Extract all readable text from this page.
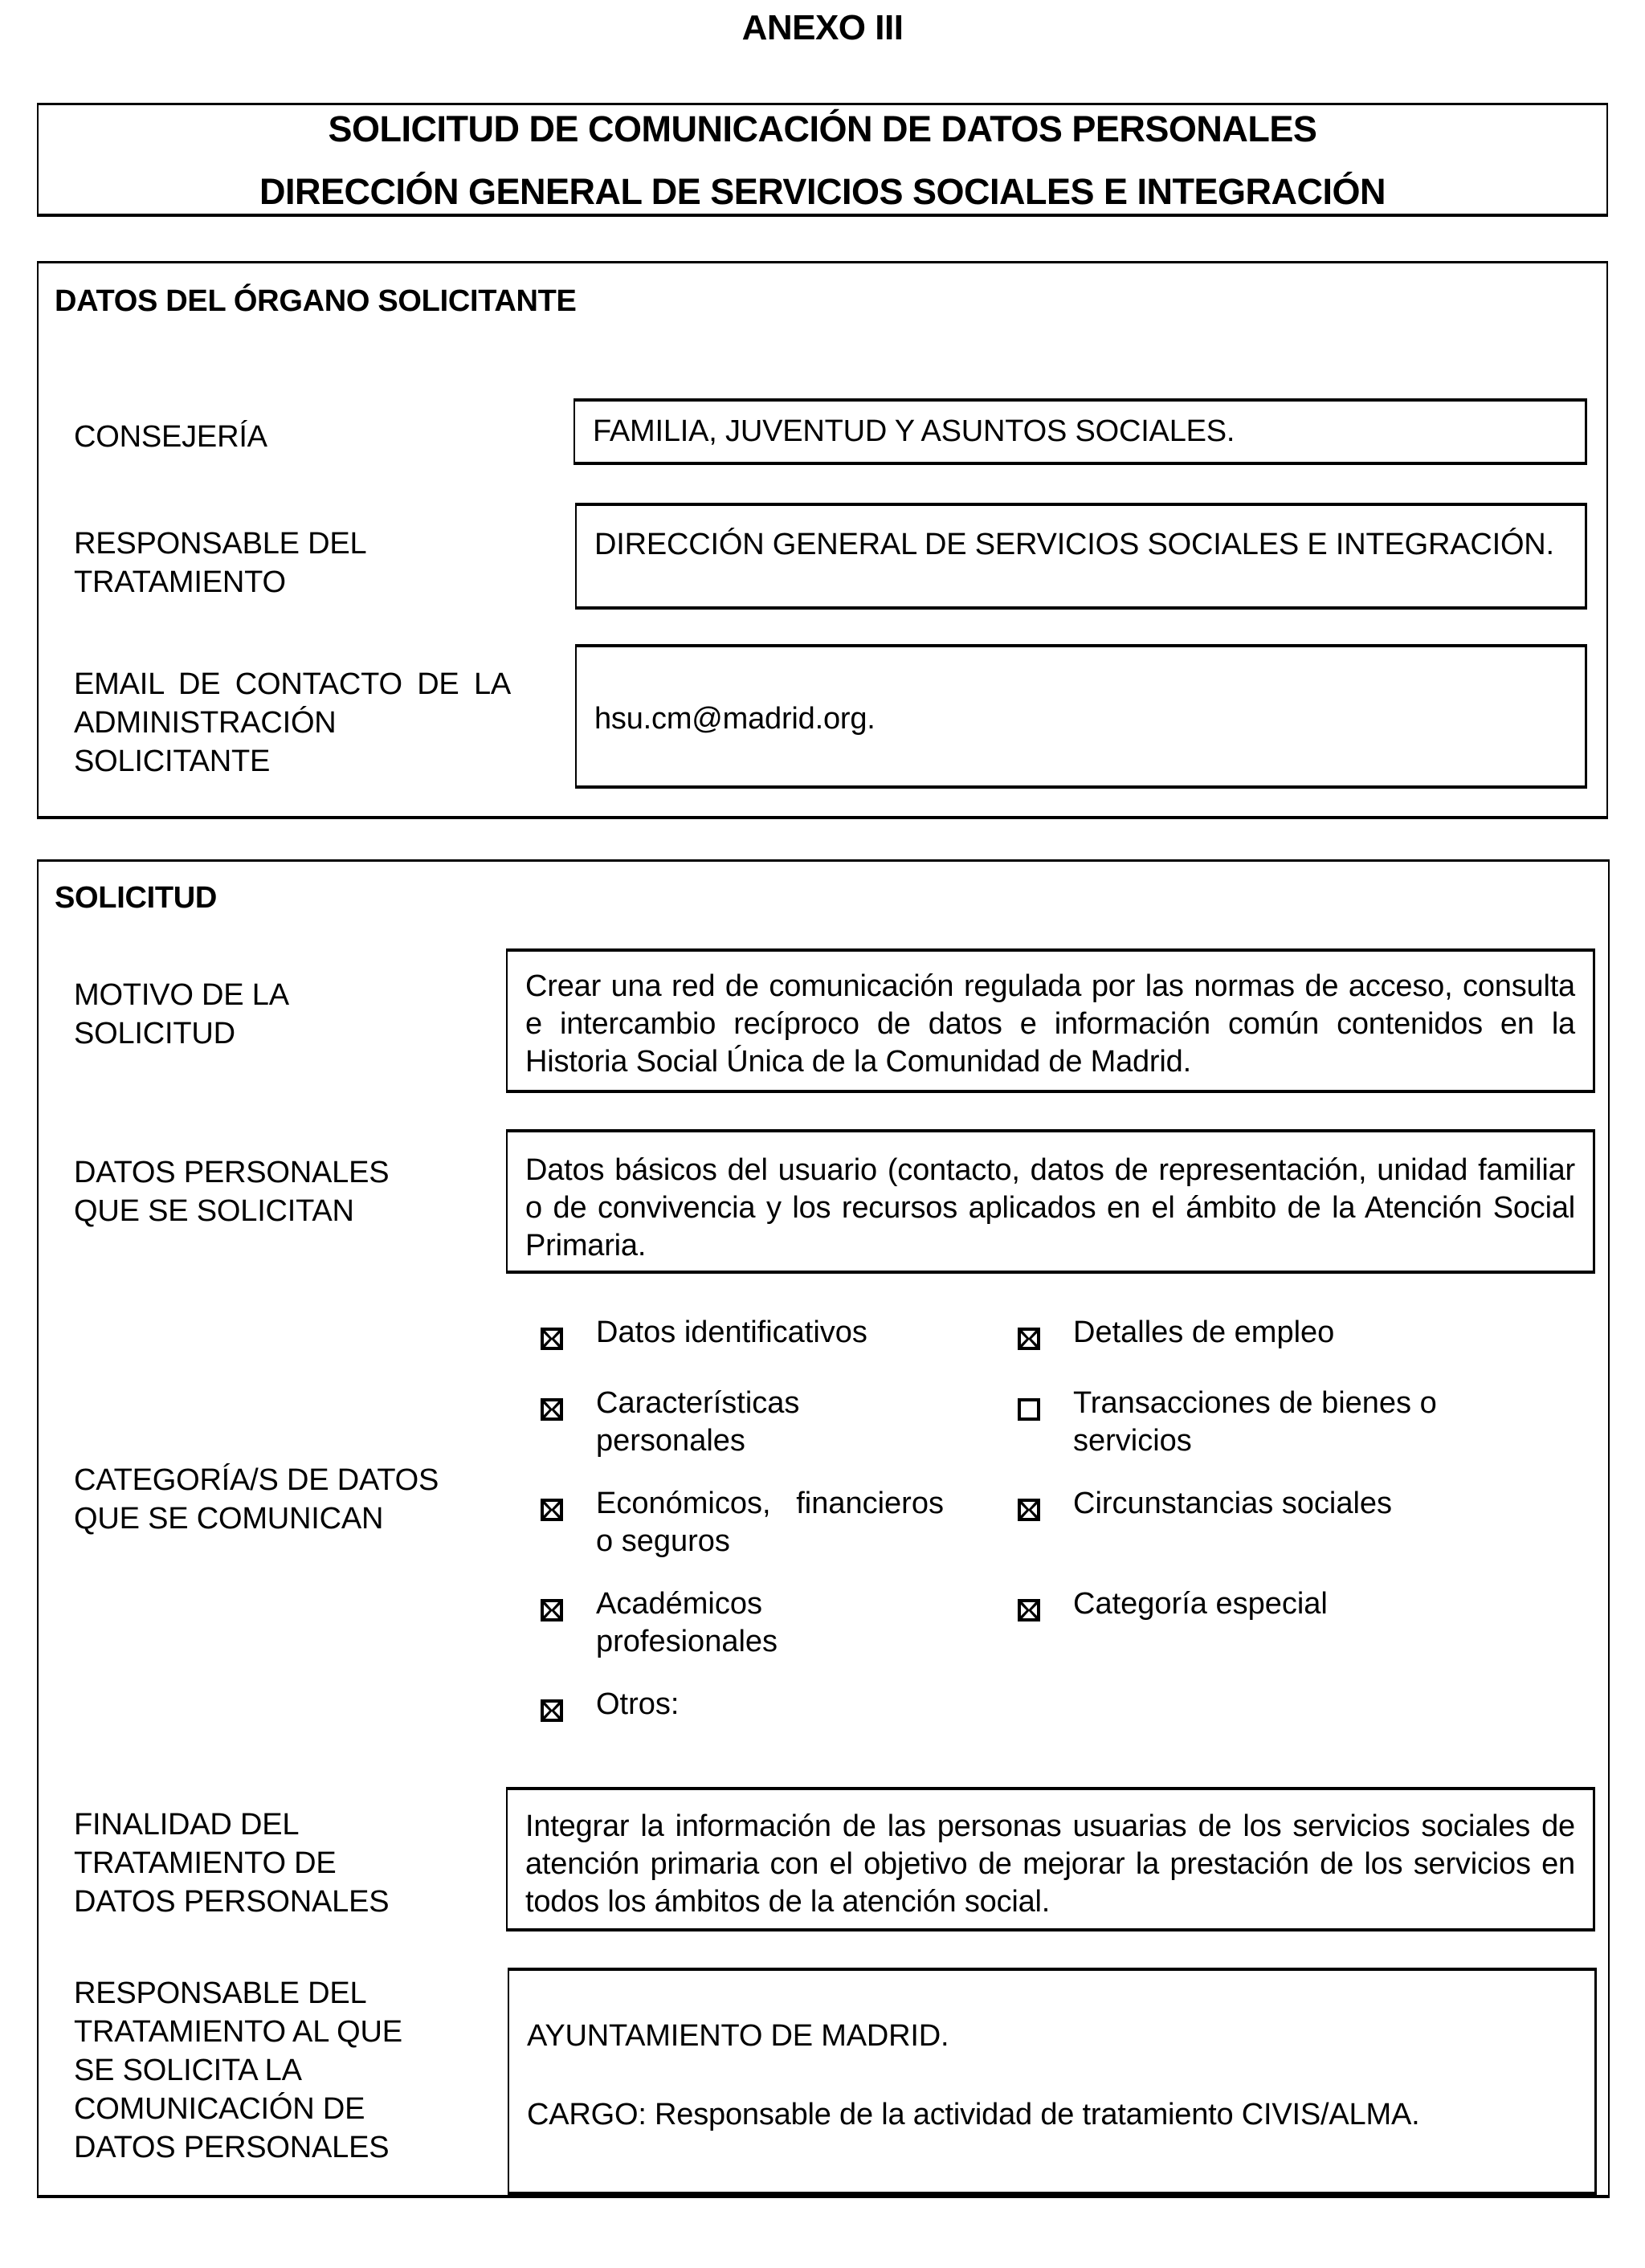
ANEXO III
SOLICITUD DE COMUNICACIÓN DE DATOS PERSONALES
DIRECCIÓN GENERAL DE SERVICIOS SOCIALES E INTEGRACIÓN
DATOS DEL ÓRGANO SOLICITANTE
CONSEJERÍA	FAMILIA, JUVENTUD Y ASUNTOS SOCIALES.
RESPONSABLE DEL
TRATAMIENTO
DIRECCIÓN GENERAL DE SERVICIOS SOCIALES E INTEGRACIÓN.
EMAIL DE CONTACTO DE LA
ADMINISTRACIÓN
SOLICITANTE
hsu.cm@madrid.org.
SOLICITUD
MOTIVO DE LA
SOLICITUD
Crear una red de comunicación regulada por las normas de acceso, consulta e intercambio recíproco de datos e información común contenidos en la Historia Social Única de la Comunidad de Madrid.
DATOS PERSONALES
QUE SE SOLICITAN
Datos básicos del usuario (contacto, datos de representación, unidad familiar o de convivencia y los recursos aplicados en el ámbito de la Atención Social Primaria.
CATEGORÍA/S DE DATOS
QUE SE COMUNICAN
Datos identificativos	Detalles de empleo
Características
personales
Transacciones de bienes o
servicios
Económicos,   financieros
o seguros
Circunstancias sociales
Académicos
profesionales
Categoría especial
Otros:
FINALIDAD DEL
TRATAMIENTO DE
DATOS PERSONALES
Integrar la información de las personas usuarias de los servicios sociales de atención primaria con el objetivo de mejorar la prestación de los servicios en todos los ámbitos de la atención social.
RESPONSABLE DEL
TRATAMIENTO AL QUE
SE SOLICITA LA
COMUNICACIÓN DE
DATOS PERSONALES
AYUNTAMIENTO DE MADRID.
CARGO: Responsable de la actividad de tratamiento CIVIS/ALMA.
